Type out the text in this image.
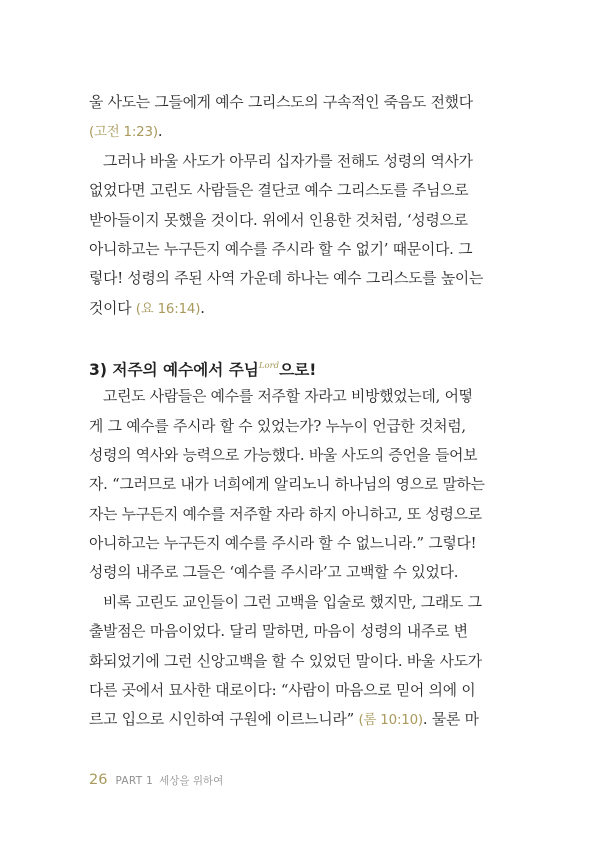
울 사도는 그들에게 예수 그리스도의 구속적인 죽음도 전했다
(고전 1:23).
그러나 바울 사도가 아무리 십자가를 전해도 성령의 역사가
없었다면 고린도 사람들은 결단코 예수 그리스도를 주님으로
받아들이지 못했을 것이다. 위에서 인용한 것처럼, ‘성령으로
아니하고는 누구든지 예수를 주시라 할 수 없기’ 때문이다. 그
렇다! 성령의 주된 사역 가운데 하나는 예수 그리스도를 높이는
것이다 (요 16:14).
3) 저주의 예수에서 주님$^{Lord}$으로!
고린도 사람들은 예수를 저주할 자라고 비방했었는데, 어떻
게 그 예수를 주시라 할 수 있었는가? 누누이 언급한 것처럼,
성령의 역사와 능력으로 가능했다. 바울 사도의 증언을 들어보
자. “그러므로 내가 너희에게 알리노니 하나님의 영으로 말하는
자는 누구든지 예수를 저주할 자라 하지 아니하고, 또 성령으로
아니하고는 누구든지 예수를 주시라 할 수 없느니라.” 그렇다!
성령의 내주로 그들은 ‘예수를 주시라’고 고백할 수 있었다.
비록 고린도 교인들이 그런 고백을 입술로 했지만, 그래도 그
출발점은 마음이었다. 달리 말하면, 마음이 성령의 내주로 변
화되었기에 그런 신앙고백을 할 수 있었던 말이다. 바울 사도가
다른 곳에서 묘사한 대로이다: “사람이 마음으로 믿어 의에 이
르고 입으로 시인하여 구원에 이르느니라” (롬 10:10). 물론 마
26 PART 1 세상을 위하여
